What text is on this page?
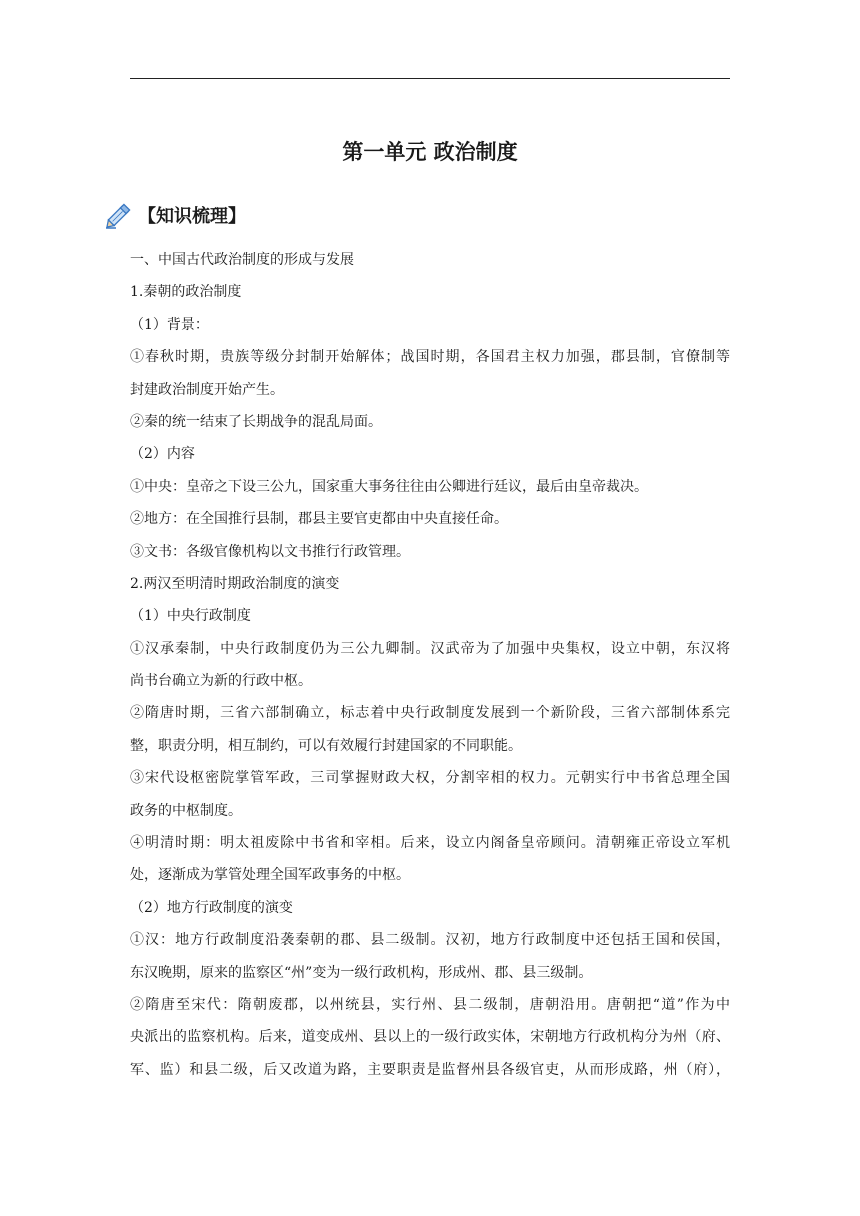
第一单元 政治制度
【知识梳理】
一、中国古代政治制度的形成与发展
1.秦朝的政治制度
（1）背景：
①春秋时期，贵族等级分封制开始解体；战国时期，各国君主权力加强，郡县制，官僚制等
封建政治制度开始产生。
②秦的统一结束了长期战争的混乱局面。
（2）内容
①中央：皇帝之下设三公九，国家重大事务往往由公卿进行廷议，最后由皇帝裁决。
②地方：在全国推行县制，郡县主要官吏都由中央直接任命。
③文书：各级官像机构以文书推行行政管理。
2.两汉至明清时期政治制度的演变
（1）中央行政制度
①汉承秦制，中央行政制度仍为三公九卿制。汉武帝为了加强中央集权，设立中朝，东汉将
尚书台确立为新的行政中枢。
②隋唐时期，三省六部制确立，标志着中央行政制度发展到一个新阶段，三省六部制体系完
整，职责分明，相互制约，可以有效履行封建国家的不同职能。
③宋代设枢密院掌管军政，三司掌握财政大权，分割宰相的权力。元朝实行中书省总理全国
政务的中枢制度。
④明清时期：明太祖废除中书省和宰相。后来，设立内阁备皇帝顾问。清朝雍正帝设立军机
处，逐渐成为掌管处理全国军政事务的中枢。
（2）地方行政制度的演变
①汉：地方行政制度沿袭秦朝的郡、县二级制。汉初，地方行政制度中还包括王国和侯国，
东汉晚期，原来的监察区“州”变为一级行政机构，形成州、郡、县三级制。
②隋唐至宋代：隋朝废郡，以州统县，实行州、县二级制，唐朝沿用。唐朝把“道”作为中
央派出的监察机构。后来，道变成州、县以上的一级行政实体，宋朝地方行政机构分为州（府、
军、监）和县二级，后又改道为路，主要职责是监督州县各级官吏，从而形成路，州（府），
